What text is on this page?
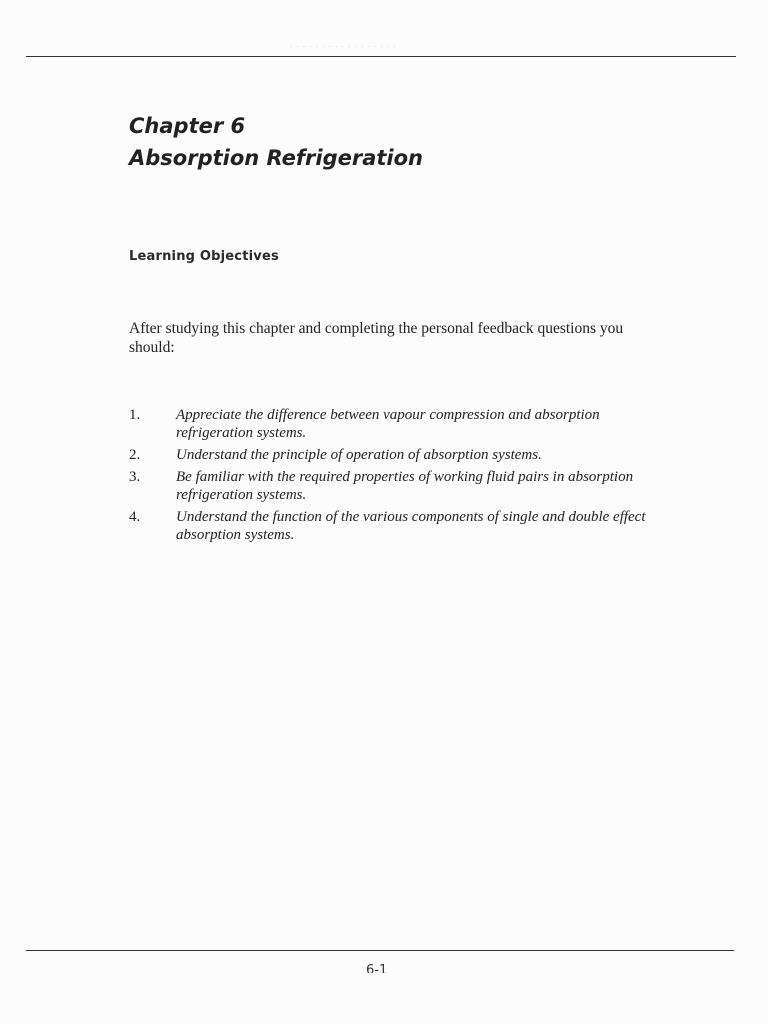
· · · · · · · · · · · · · · · · ·
Chapter 6
Absorption Refrigeration
Learning Objectives
After studying this chapter and completing the personal feedback questions you should:
1. Appreciate the difference between vapour compression and absorption refrigeration systems.
2. Understand the principle of operation of absorption systems.
3. Be familiar with the required properties of working fluid pairs in absorption refrigeration systems.
4. Understand the function of the various components of single and double effect absorption systems.
6-1
